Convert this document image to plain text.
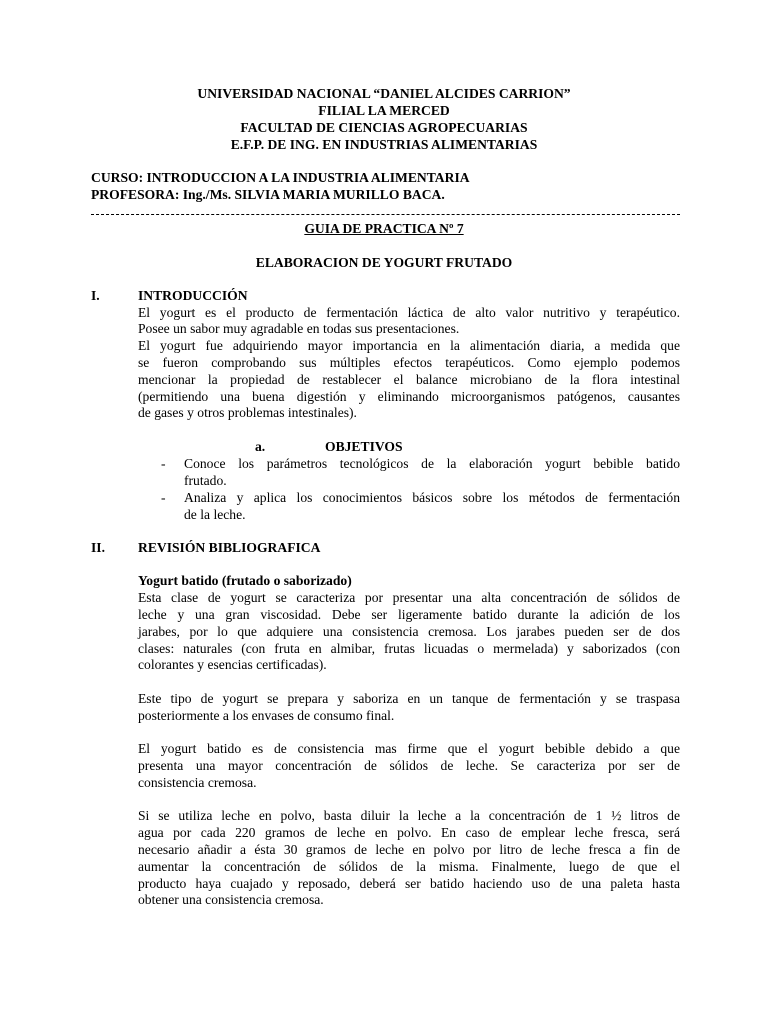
UNIVERSIDAD NACIONAL “DANIEL ALCIDES CARRION”
FILIAL LA MERCED
FACULTAD DE CIENCIAS AGROPECUARIAS
E.F.P. DE ING. EN INDUSTRIAS ALIMENTARIAS
CURSO: INTRODUCCION A LA INDUSTRIA ALIMENTARIA
PROFESORA: Ing./Ms. SILVIA MARIA MURILLO BACA.
GUIA DE PRACTICA Nº 7
ELABORACION DE YOGURT FRUTADO
I.	INTRODUCCIÓN
El yogurt es el producto de fermentación láctica de alto valor nutritivo y terapéutico.
Posee un sabor muy agradable en todas sus presentaciones.
El yogurt fue adquiriendo mayor importancia en la alimentación diaria, a medida que
se fueron comprobando sus múltiples efectos terapéuticos. Como ejemplo podemos
mencionar la propiedad de restablecer el balance microbiano de la flora intestinal
(permitiendo una buena digestión y eliminando microorganismos patógenos, causantes
de gases y otros problemas intestinales).
a.	OBJETIVOS
- Conoce los parámetros tecnológicos de la elaboración yogurt bebible batido
frutado.
- Analiza y aplica los conocimientos básicos sobre los métodos de fermentación
de la leche.
II. REVISIÓN BIBLIOGRAFICA
Yogurt batido (frutado o saborizado)
Esta clase de yogurt se caracteriza por presentar una alta concentración de sólidos de
leche y una gran viscosidad. Debe ser ligeramente batido durante la adición de los
jarabes, por lo que adquiere una consistencia cremosa. Los jarabes pueden ser de dos
clases: naturales (con fruta en almibar, frutas licuadas o mermelada) y saborizados (con
colorantes y esencias certificadas).
Este tipo de yogurt se prepara y saboriza en un tanque de fermentación y se traspasa
posteriormente a los envases de consumo final.
El yogurt batido es de consistencia mas firme que el yogurt bebible debido a que
presenta una mayor concentración de sólidos de leche. Se caracteriza por ser de
consistencia cremosa.
Si se utiliza leche en polvo, basta diluir la leche a la concentración de 1 ½ litros de
agua por cada 220 gramos de leche en polvo. En caso de emplear leche fresca, será
necesario añadir a ésta 30 gramos de leche en polvo por litro de leche fresca a fin de
aumentar la concentración de sólidos de la misma. Finalmente, luego de que el
producto haya cuajado y reposado, deberá ser batido haciendo uso de una paleta hasta
obtener una consistencia cremosa.
